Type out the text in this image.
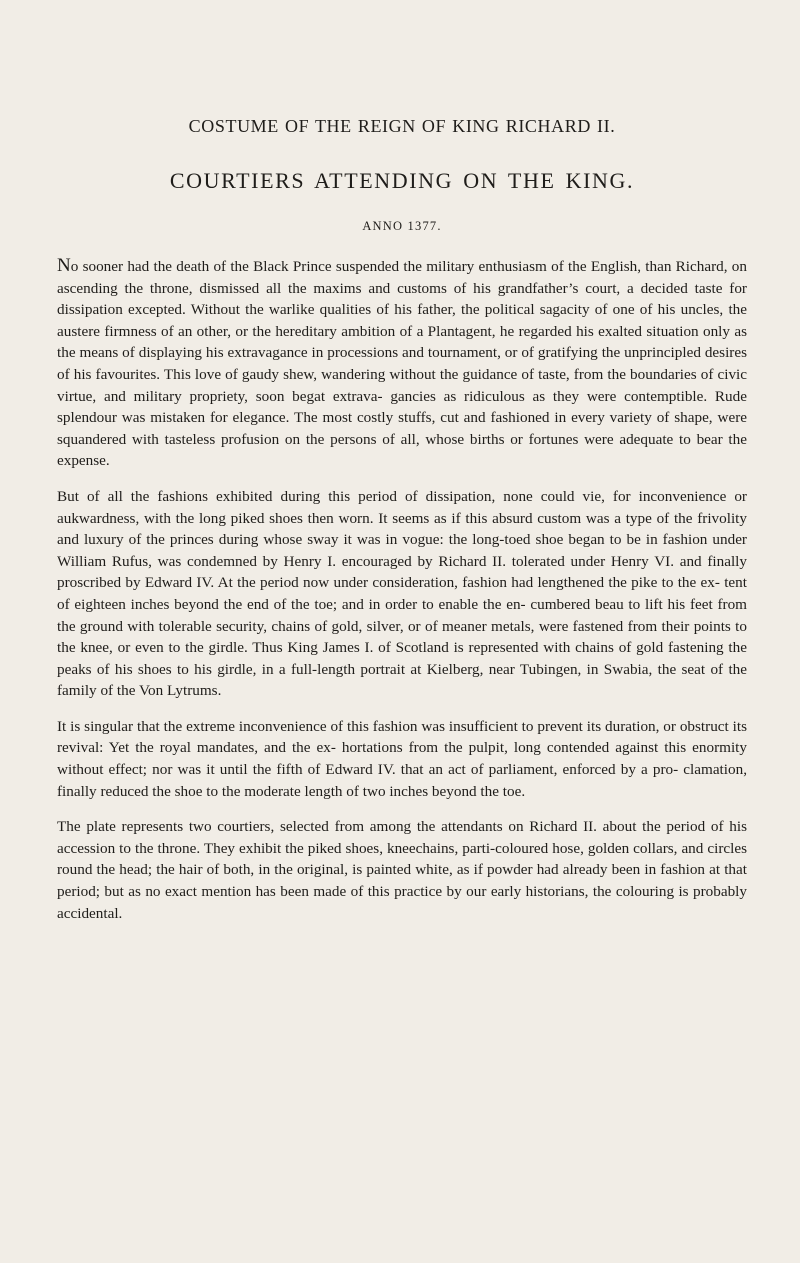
COSTUME OF THE REIGN OF KING RICHARD II.
COURTIERS ATTENDING ON THE KING.
ANNO 1377.

No sooner had the death of the Black Prince suspended the military enthusiasm of the English, than Richard, on ascending the throne, dismissed all the maxims and customs of his grandfather’s court, a decided taste for dissipation excepted. Without the warlike qualities of his father, the political sagacity of one of his uncles, the austere firmness of an other, or the hereditary ambition of a Plantagent, he regarded his exalted situation only as the means of displaying his extravagance in processions and tournament, or of gratifying the unprincipled desires of his favourites. This love of gaudy shew, wandering without the guidance of taste, from the boundaries of civic virtue, and military propriety, soon begat extrava- gancies as ridiculous as they were contemptible. Rude splendour was mistaken for elegance. The most costly stuffs, cut and fashioned in every variety of shape, were squandered with tasteless profusion on the persons of all, whose births or fortunes were adequate to bear the expense.

But of all the fashions exhibited during this period of dissipation, none could vie, for inconvenience or aukwardness, with the long piked shoes then worn. It seems as if this absurd custom was a type of the frivolity and luxury of the princes during whose sway it was in vogue: the long-toed shoe began to be in fashion under William Rufus, was condemned by Henry I. encouraged by Richard II. tolerated under Henry VI. and finally proscribed by Edward IV. At the period now under consideration, fashion had lengthened the pike to the ex- tent of eighteen inches beyond the end of the toe; and in order to enable the en- cumbered beau to lift his feet from the ground with tolerable security, chains of gold, silver, or of meaner metals, were fastened from their points to the knee, or even to the girdle. Thus King James I. of Scotland is represented with chains of gold fastening the peaks of his shoes to his girdle, in a full-length portrait at Kielberg, near Tubingen, in Swabia, the seat of the family of the Von Lytrums.

It is singular that the extreme inconvenience of this fashion was insufficient to prevent its duration, or obstruct its revival: Yet the royal mandates, and the ex- hortations from the pulpit, long contended against this enormity without effect; nor was it until the fifth of Edward IV. that an act of parliament, enforced by a pro- clamation, finally reduced the shoe to the moderate length of two inches beyond the toe.

The plate represents two courtiers, selected from among the attendants on Richard II. about the period of his accession to the throne. They exhibit the piked shoes, kneechains, parti-coloured hose, golden collars, and circles round the head; the hair of both, in the original, is painted white, as if powder had already been in fashion at that period; but as no exact mention has been made of this practice by our early historians, the colouring is probably accidental.
